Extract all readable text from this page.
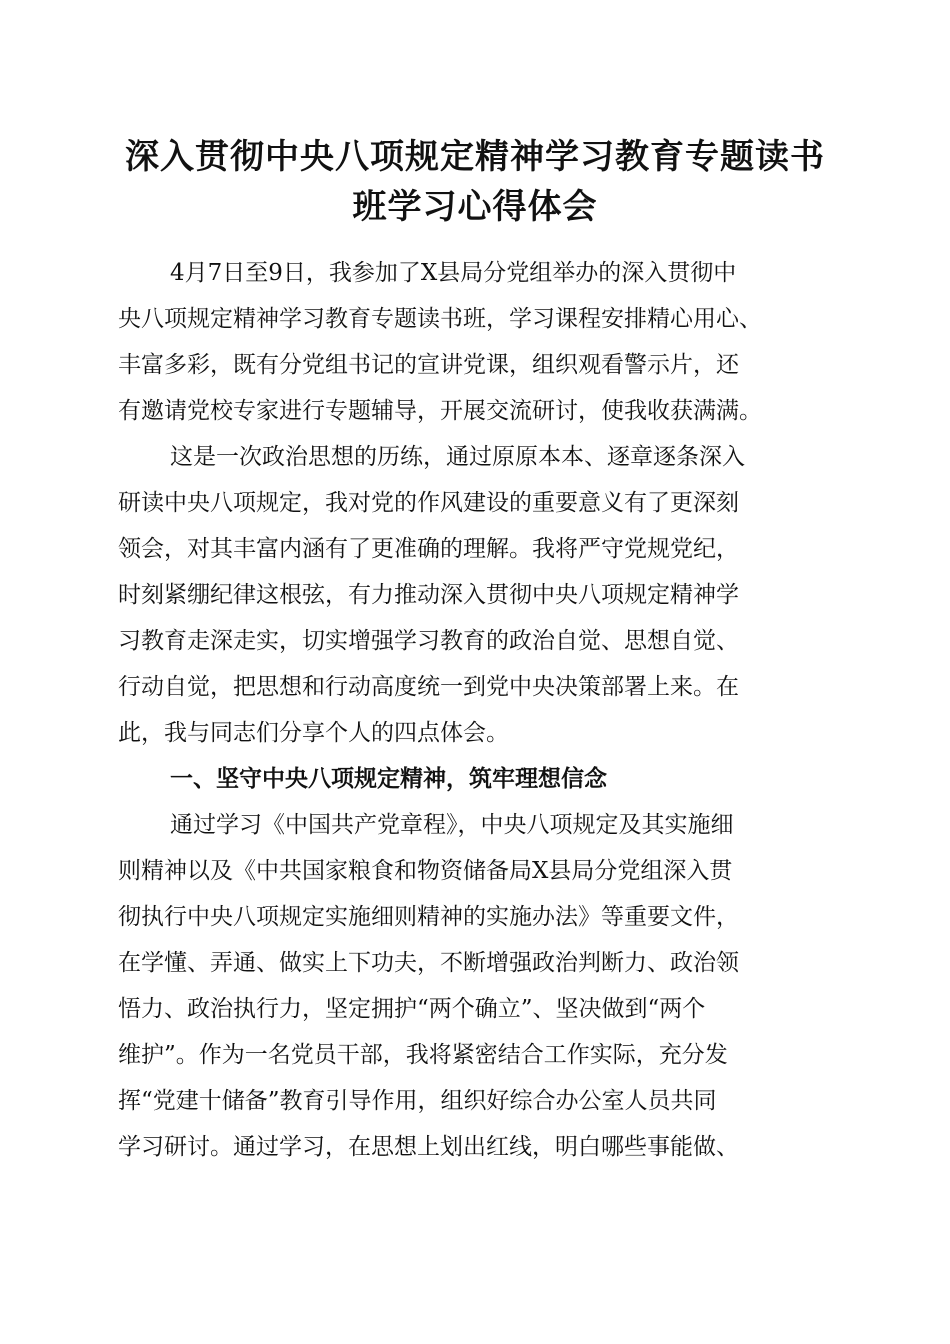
深入贯彻中央八项规定精神学习教育专题读书
班学习心得体会
4月7日至9日，我参加了X县局分党组举办的深入贯彻中
央八项规定精神学习教育专题读书班，学习课程安排精心用心、
丰富多彩，既有分党组书记的宣讲党课，组织观看警示片，还
有邀请党校专家进行专题辅导，开展交流研讨，使我收获满满。
这是一次政治思想的历练，通过原原本本、逐章逐条深入
研读中央八项规定，我对党的作风建设的重要意义有了更深刻
领会，对其丰富内涵有了更准确的理解。我将严守党规党纪，
时刻紧绷纪律这根弦，有力推动深入贯彻中央八项规定精神学
习教育走深走实，切实增强学习教育的政治自觉、思想自觉、
行动自觉，把思想和行动高度统一到党中央决策部署上来。在
此，我与同志们分享个人的四点体会。
一、坚守中央八项规定精神，筑牢理想信念
通过学习《中国共产党章程》，中央八项规定及其实施细
则精神以及《中共国家粮食和物资储备局X县局分党组深入贯
彻执行中央八项规定实施细则精神的实施办法》等重要文件，
在学懂、弄通、做实上下功夫，不断增强政治判断力、政治领
悟力、政治执行力，坚定拥护“两个确立”、坚决做到“两个
维护”。作为一名党员干部，我将紧密结合工作实际，充分发
挥“党建十储备”教育引导作用，组织好综合办公室人员共同
学习研讨。通过学习，在思想上划出红线，明白哪些事能做、
